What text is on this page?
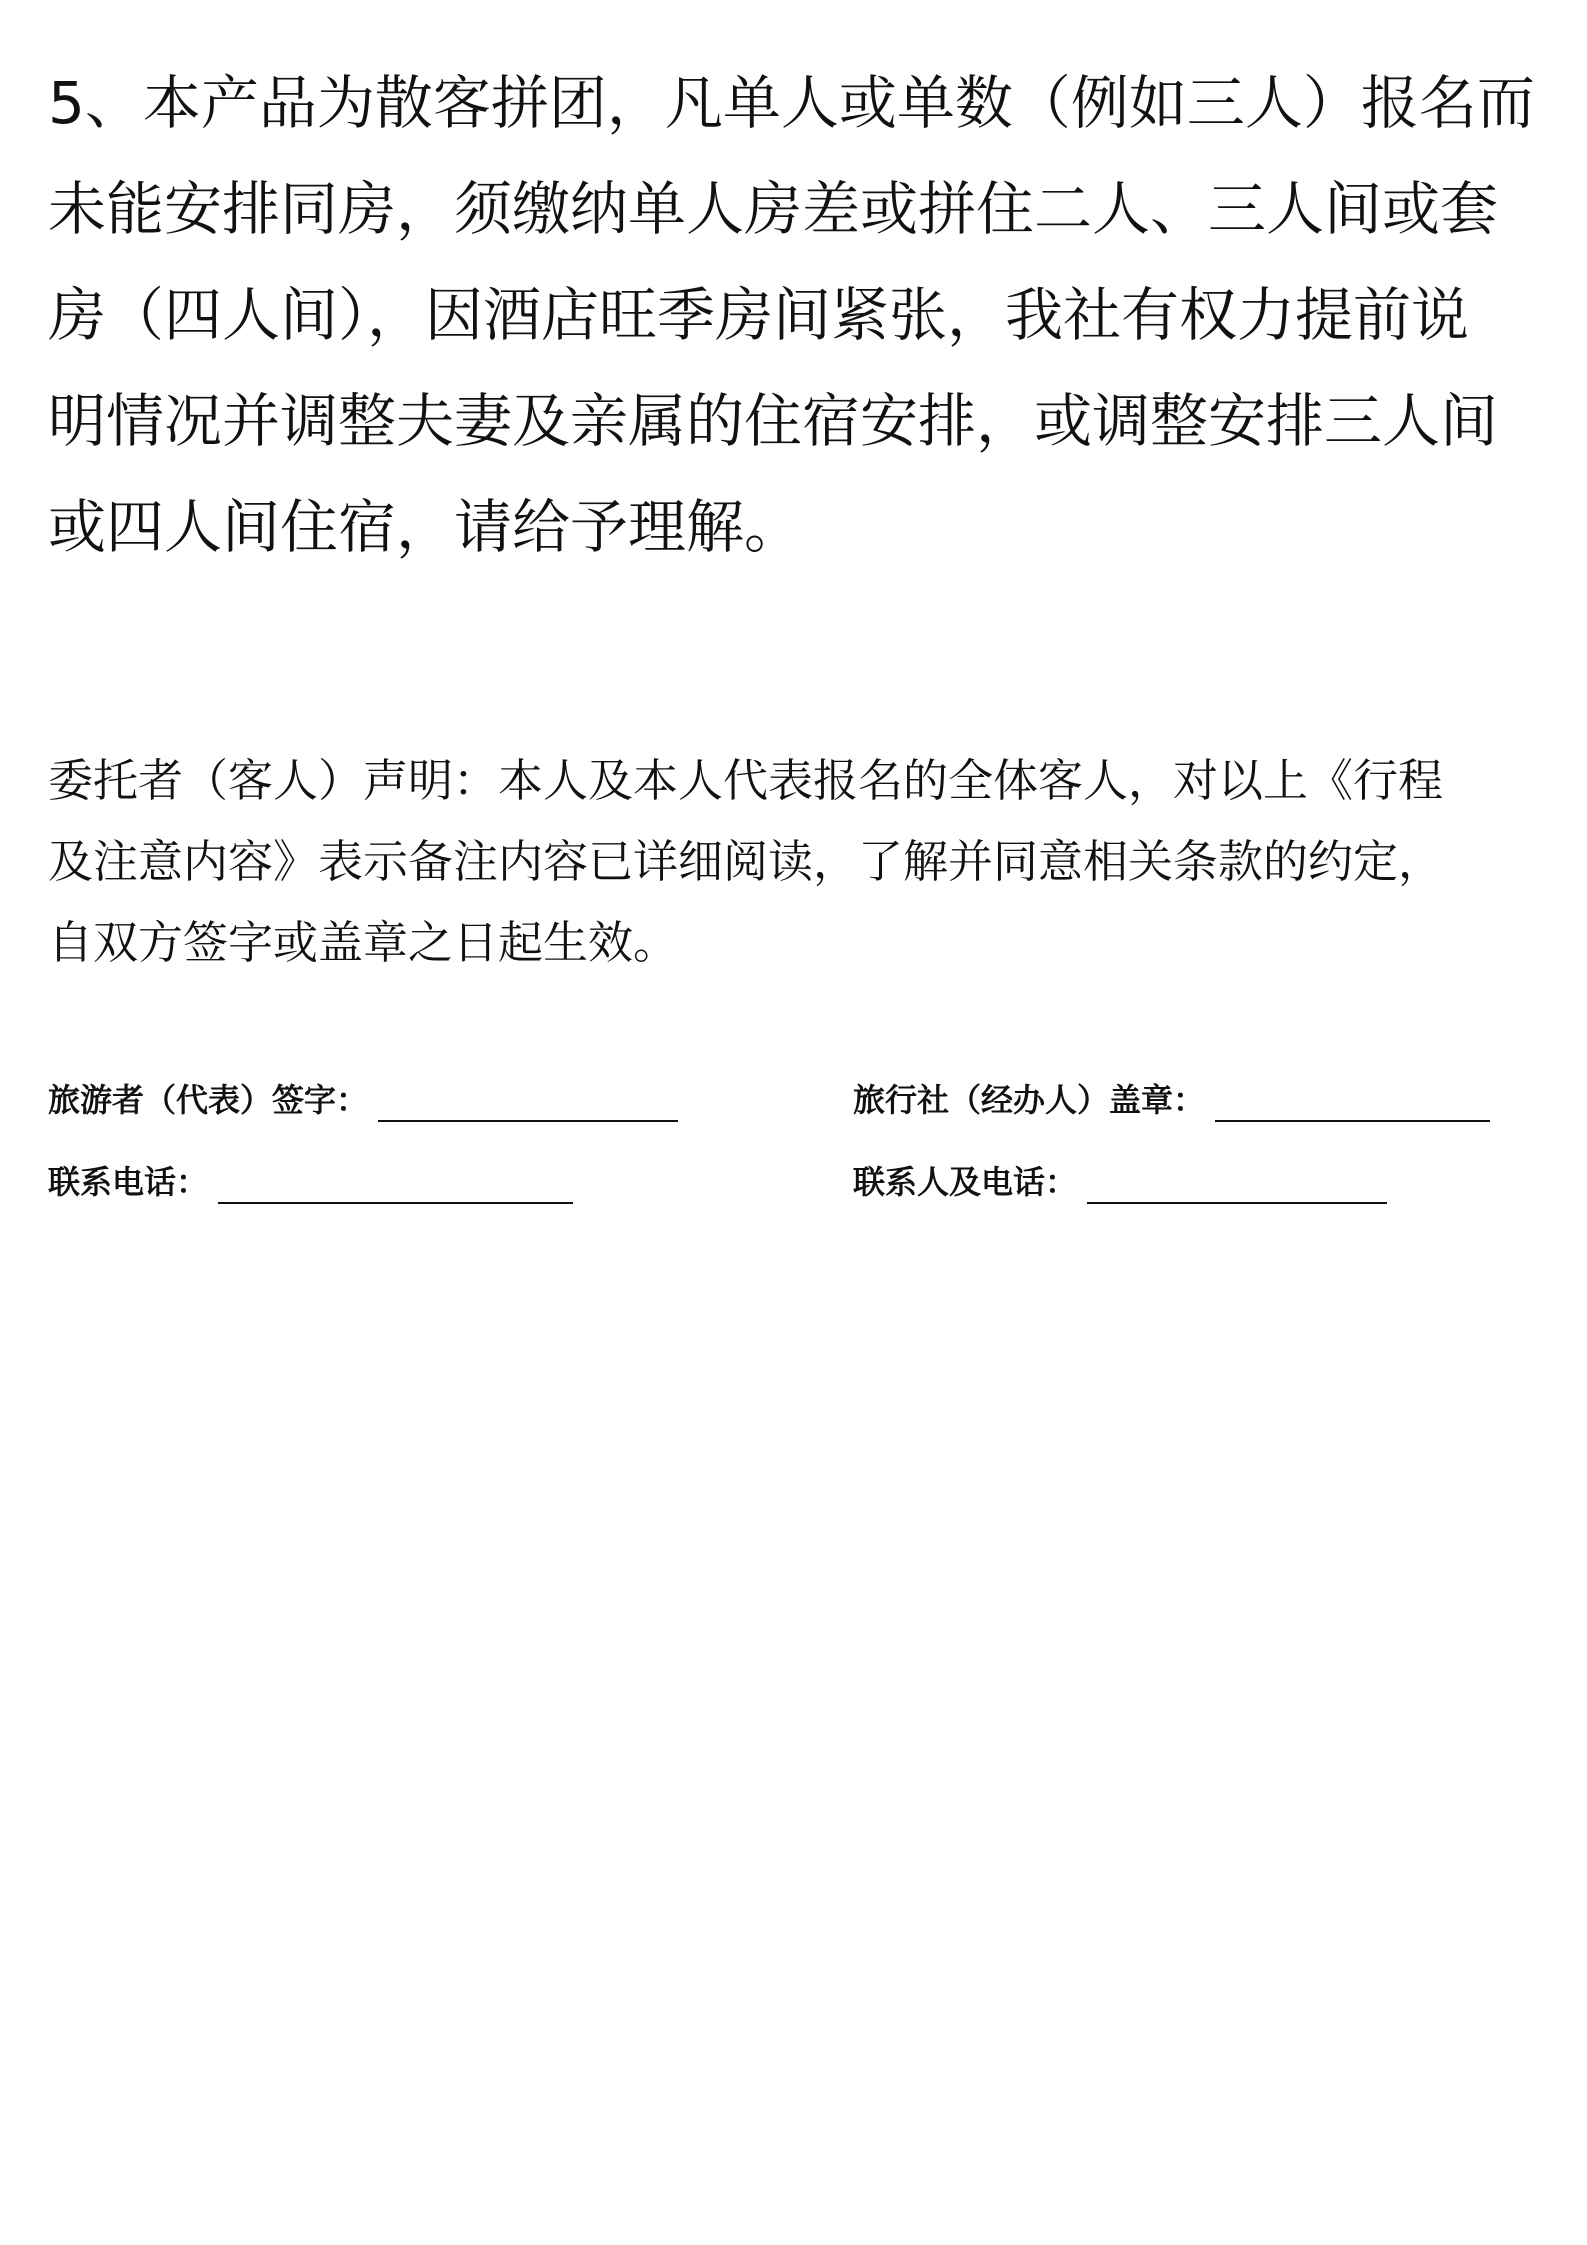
5、本产品为散客拼团，凡单人或单数（例如三人）报名而
未能安排同房，须缴纳单人房差或拼住二人、三人间或套
房（四人间），因酒店旺季房间紧张，我社有权力提前说
明情况并调整夫妻及亲属的住宿安排，或调整安排三人间
或四人间住宿，请给予理解。
委托者（客人）声明：本人及本人代表报名的全体客人，对以上《行程
及注意内容》表示备注内容已详细阅读，了解并同意相关条款的约定，
自双方签字或盖章之日起生效。
旅游者（代表）签字：	旅行社（经办人）盖章：
联系电话：	联系人及电话：
